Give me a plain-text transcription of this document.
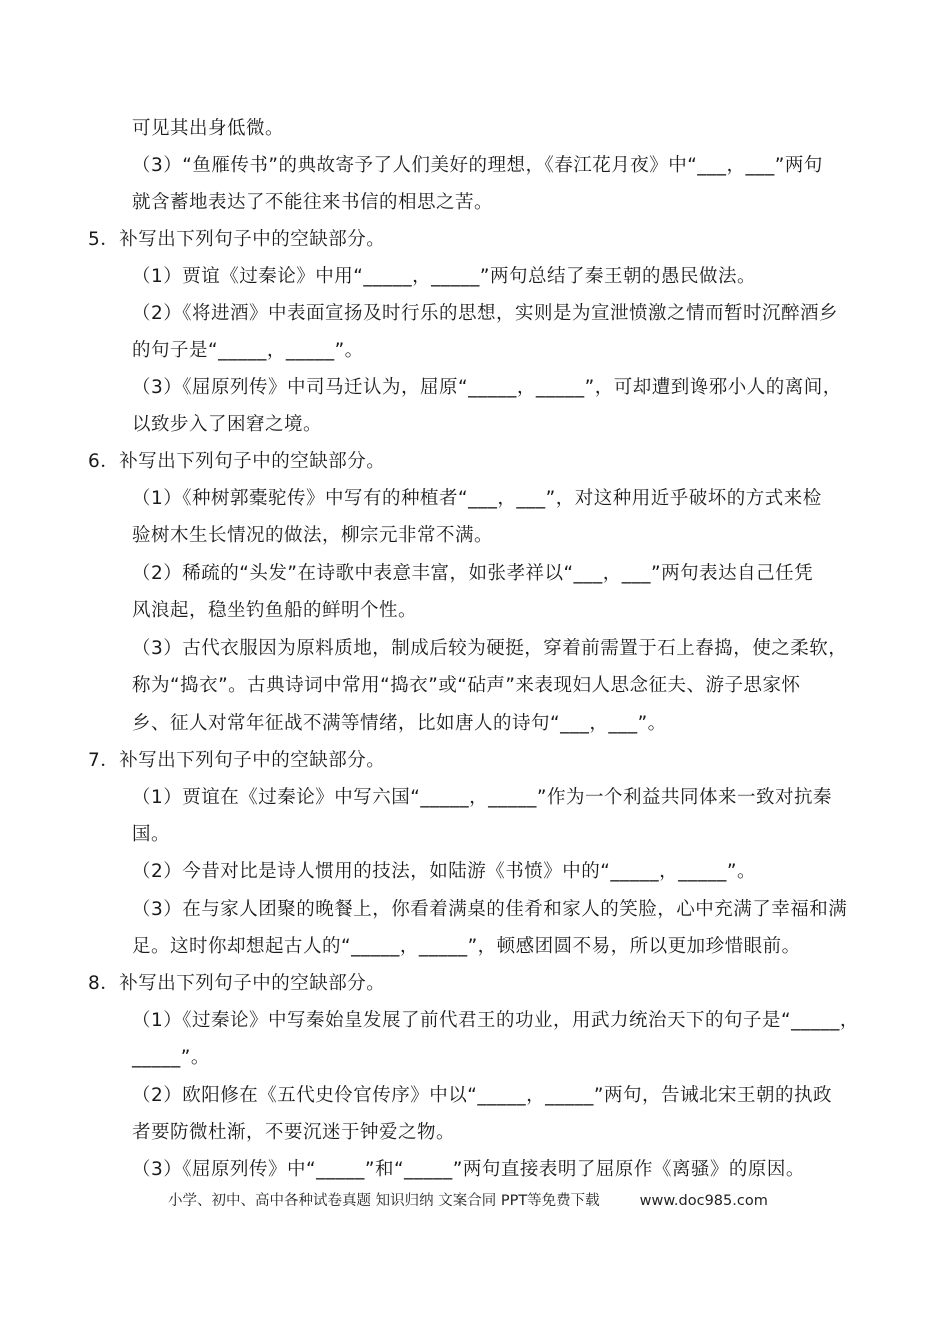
可见其出身低微。
（3）“鱼雁传书”的典故寄予了人们美好的理想，《春江花月夜》中“___，___”两句
就含蓄地表达了不能往来书信的相思之苦。
5．补写出下列句子中的空缺部分。
（1）贾谊《过秦论》中用“_____，_____”两句总结了秦王朝的愚民做法。
（2）《将进酒》中表面宣扬及时行乐的思想，实则是为宣泄愤激之情而暂时沉醉酒乡
的句子是“_____，_____”。
（3）《屈原列传》中司马迁认为，屈原“_____，_____”，可却遭到谗邪小人的离间，
以致步入了困窘之境。
6．补写出下列句子中的空缺部分。
（1）《种树郭橐驼传》中写有的种植者“___，___”，对这种用近乎破坏的方式来检
验树木生长情况的做法，柳宗元非常不满。
（2）稀疏的“头发”在诗歌中表意丰富，如张孝祥以“___，___”两句表达自己任凭
风浪起，稳坐钓鱼船的鲜明个性。
（3）古代衣服因为原料质地，制成后较为硬挺，穿着前需置于石上舂捣，使之柔软，
称为“捣衣”。古典诗词中常用“捣衣”或“砧声”来表现妇人思念征夫、游子思家怀
乡、征人对常年征战不满等情绪，比如唐人的诗句“___，___”。
7．补写出下列句子中的空缺部分。
（1）贾谊在《过秦论》中写六国“_____，_____”作为一个利益共同体来一致对抗秦
国。
（2）今昔对比是诗人惯用的技法，如陆游《书愤》中的“_____，_____”。
（3）在与家人团聚的晚餐上，你看着满桌的佳肴和家人的笑脸，心中充满了幸福和满
足。这时你却想起古人的“_____，_____”，顿感团圆不易，所以更加珍惜眼前。
8．补写出下列句子中的空缺部分。
（1）《过秦论》中写秦始皇发展了前代君王的功业，用武力统治天下的句子是“_____，
_____”。
（2）欧阳修在《五代史伶官传序》中以“_____，_____”两句，告诫北宋王朝的执政
者要防微杜渐，不要沉迷于钟爱之物。
（3）《屈原列传》中“_____”和“_____”两句直接表明了屈原作《离骚》的原因。
小学、初中、高中各种试卷真题 知识归纳 文案合同 PPT等免费下载	www.doc985.com
